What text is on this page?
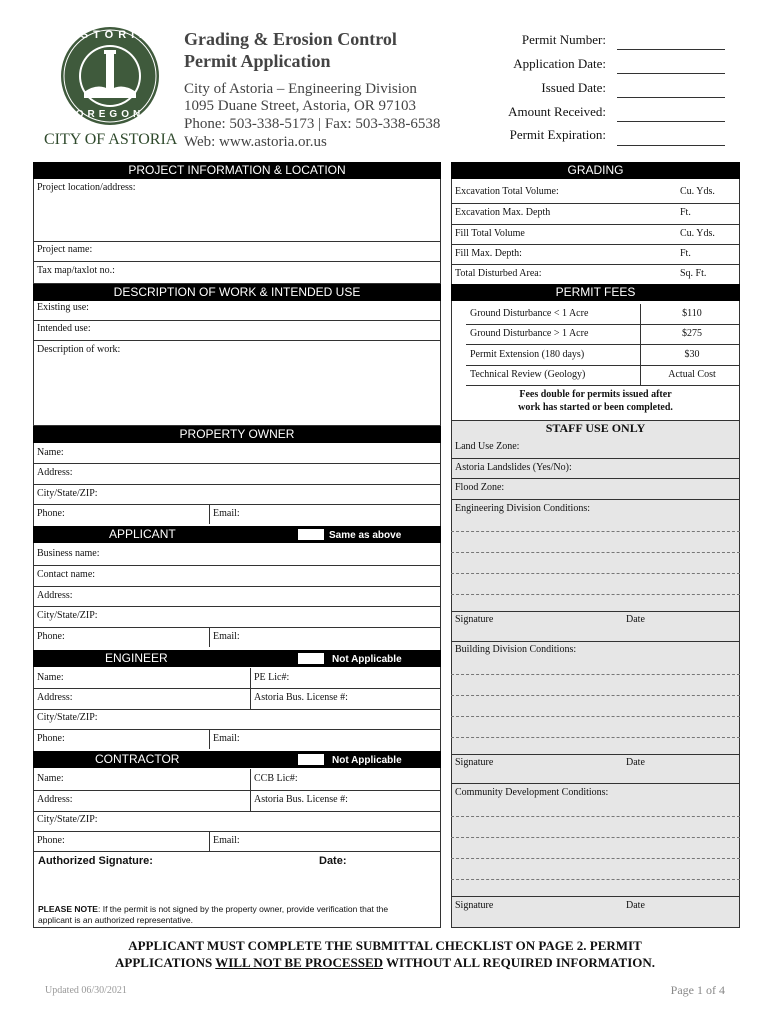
ASTORIA
OREGON
CITY OF ASTORIA
Grading & Erosion Control
Permit Application
City of Astoria – Engineering Division
1095 Duane Street, Astoria, OR 97103
Phone: 503-338-5173 | Fax: 503-338-6538
Web: www.astoria.or.us
Permit Number:
Application Date:
Issued Date:
Amount Received:
Permit Expiration:
PROJECT INFORMATION & LOCATION
Project location/address:
Project name:
Tax map/taxlot no.:
DESCRIPTION OF WORK & INTENDED USE
Existing use:
Intended use:
Description of work:
PROPERTY OWNER
Name:
Address:
City/State/ZIP:
Phone:	Email:
APPLICANT	Same as above
Business name:
Contact name:
Address:
City/State/ZIP:
Phone:	Email:
ENGINEER	Not Applicable
Name:	PE Lic#:
Address:	Astoria Bus. License #:
City/State/ZIP:
Phone:	Email:
CONTRACTOR	Not Applicable
Name:	CCB Lic#:
Address:	Astoria Bus. License #:
City/State/ZIP:
Phone:	Email:
Authorized Signature:	Date:
PLEASE NOTE: If the permit is not signed by the property owner, provide verification that the
applicant is an authorized representative.
GRADING
Excavation Total Volume:	Cu. Yds.
Excavation Max. Depth	Ft.
Fill Total Volume	Cu. Yds.
Fill Max. Depth:	Ft.
Total Disturbed Area:	Sq. Ft.
PERMIT FEES
Ground Disturbance < 1 Acre	$110
Ground Disturbance > 1 Acre	$275
Permit Extension (180 days)	$30
Technical Review (Geology)	Actual Cost
Fees double for permits issued after
work has started or been completed.
STAFF USE ONLY
Land Use Zone:
Astoria Landslides (Yes/No):
Flood Zone:
Engineering Division Conditions:
Signature	Date
Building Division Conditions:
Signature	Date
Community Development Conditions:
Signature	Date
APPLICANT MUST COMPLETE THE SUBMITTAL CHECKLIST ON PAGE 2. PERMIT
APPLICATIONS WILL NOT BE PROCESSED WITHOUT ALL REQUIRED INFORMATION.
Updated 06/30/2021	Page 1 of 4
